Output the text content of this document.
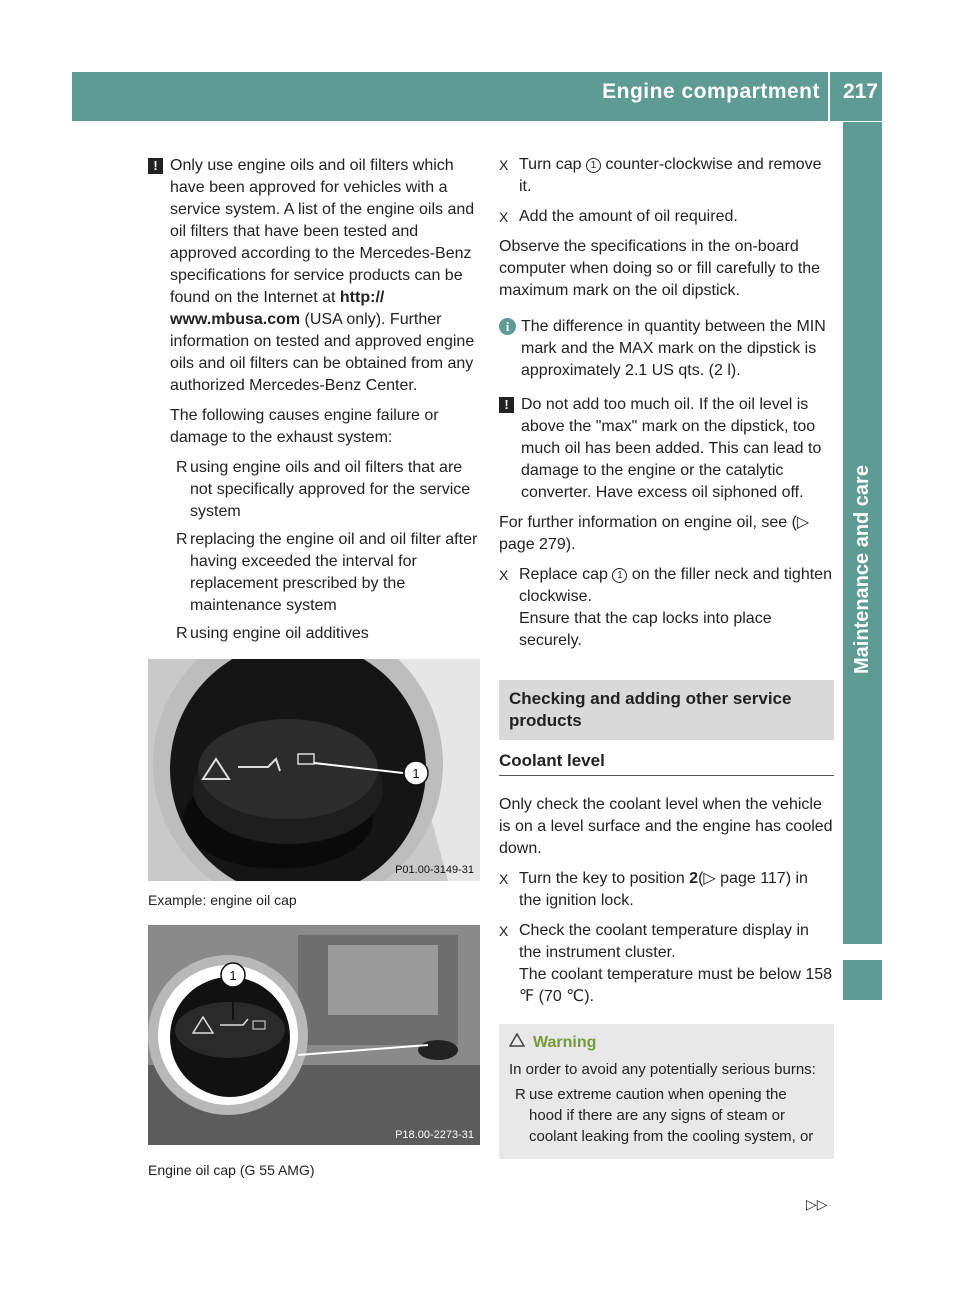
Engine compartment 217
Maintenance and care
! Only use engine oils and oil filters which have been approved for vehicles with a service system. A list of the engine oils and oil filters that have been tested and approved according to the Mercedes-Benz specifications for service products can be found on the Internet at http:// www.mbusa.com (USA only). Further information on tested and approved engine oils and oil filters can be obtained from any authorized Mercedes-Benz Center.

The following causes engine failure or damage to the exhaust system:

R using engine oils and oil filters that are not specifically approved for the service system
R replacing the engine oil and oil filter after having exceeded the interval for replacement prescribed by the maintenance system
R using engine oil additives
1
P01.00-3149-31
Example: engine oil cap
1
P18.00-2273-31
Engine oil cap (G 55 AMG)
X Turn cap 1 counter-clockwise and remove it.
X Add the amount of oil required.

Observe the specifications in the on-board computer when doing so or fill carefully to the maximum mark on the oil dipstick.

i The difference in quantity between the MIN mark and the MAX mark on the dipstick is approximately 2.1 US qts. (2 l).
! Do not add too much oil. If the oil level is above the "max" mark on the dipstick, too much oil has been added. This can lead to damage to the engine or the catalytic converter. Have excess oil siphoned off.

For further information on engine oil, see (▷ page 279).

X Replace cap 1 on the filler neck and tighten clockwise.
Ensure that the cap locks into place securely.
Checking and adding other service products
Coolant level

Only check the coolant level when the vehicle is on a level surface and the engine has cooled down.

X Turn the key to position 2(▷ page 117) in the ignition lock.
X Check the coolant temperature display in the instrument cluster.
The coolant temperature must be below 158 ℉ (70 ℃).
Warning

In order to avoid any potentially serious burns:

R use extreme caution when opening the hood if there are any signs of steam or coolant leaking from the cooling system, or
▷▷
